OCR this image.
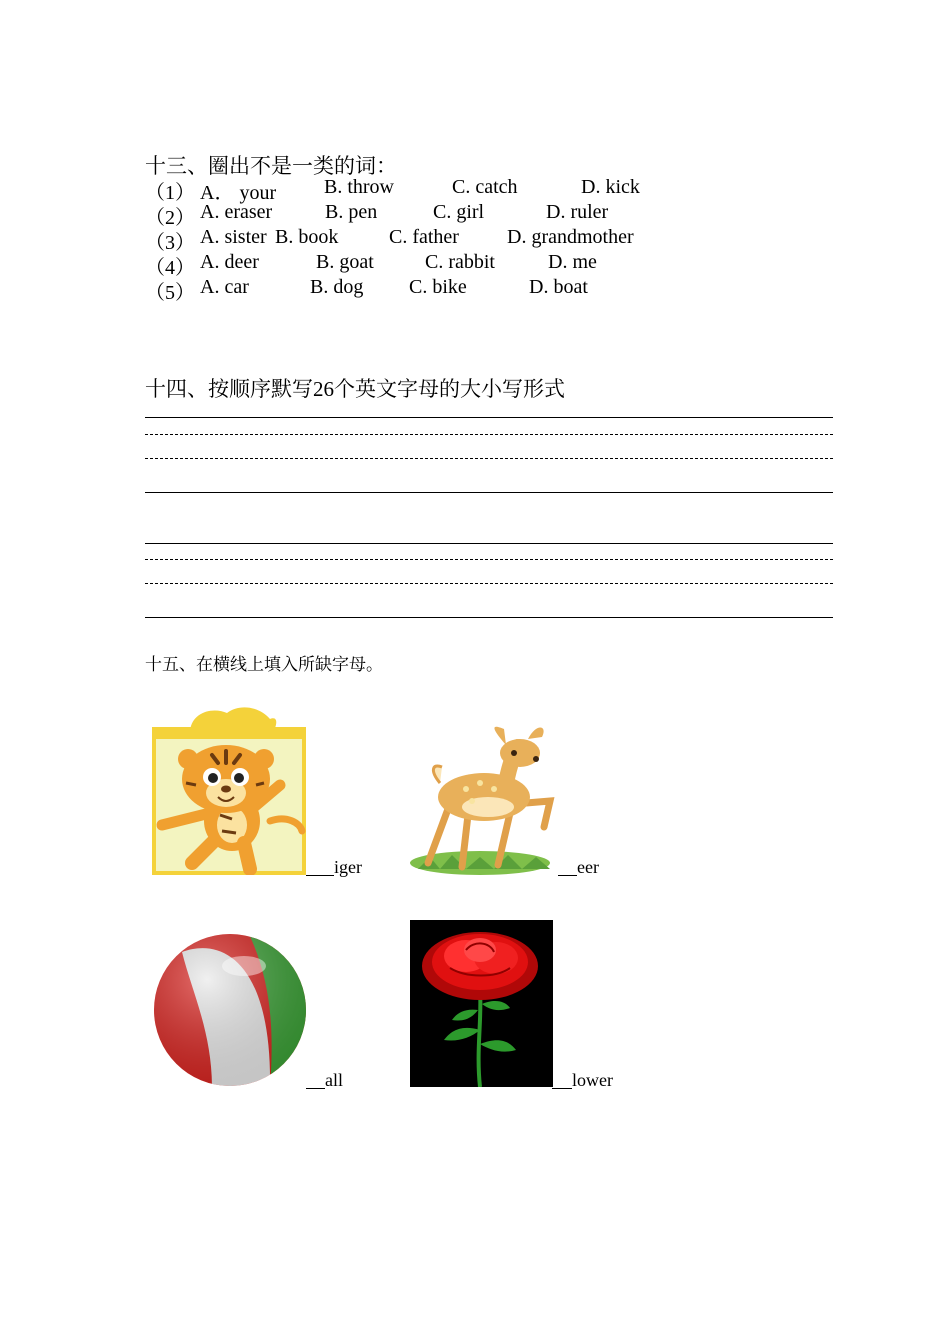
十三、圈出不是一类的词：
（1） A． your B. throw	C. catch	D. kick
（2） A. eraser	B. pen	C. girl	D. ruler
（3） A. sister B. book	C. father D. grandmother
（4） A. deer	B. goat	C. rabbit	D. me
（5） A. car	B. dog C. bike	D. boat
十四、按顺序默写26个英文字母的大小写形式
十五、在横线上填入所缺字母。
iger	eer
all	lower
